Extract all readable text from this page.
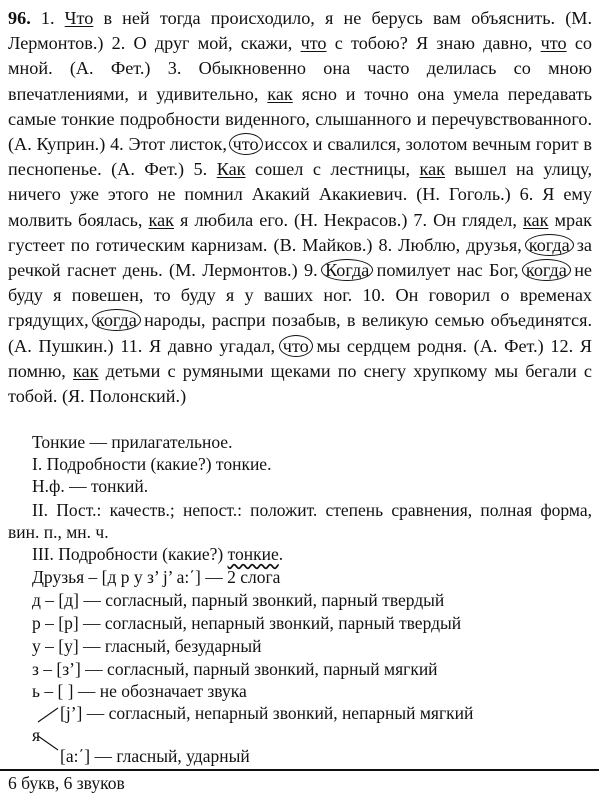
96. 1. Что в ней тогда происходило, я не берусь вам объяснить. (М. Лермонтов.) 2. О друг мой, скажи, что с тобою? Я знаю давно, что со мной. (А. Фет.) 3. Обыкновенно она часто делилась со мною впечатлениями, и удивительно, как ясно и точно она умела передавать самые тонкие подробности виденного, слышанного и перечувствованного. (А. Куприн.) 4. Этот листок, что иссох и свалился, золотом вечным горит в песнопенье. (А. Фет.) 5. Как сошел с лестницы, как вышел на улицу, ничего уже этого не помнил Акакий Акакиевич. (Н. Гоголь.) 6. Я ему молвить боялась, как я любила его. (Н. Некрасов.) 7. Он глядел, как мрак густеет по готическим карнизам. (В. Майков.) 8. Люблю, друзья, когда за речкой гаснет день. (М. Лермонтов.) 9. Когда помилует нас Бог, когда не буду я повешен, то буду я у ваших ног. 10. Он говорил о временах грядущих, когда народы, распри позабыв, в великую семью объединятся. (А. Пушкин.) 11. Я давно угадал, что мы сердцем родня. (А. Фет.) 12. Я помню, как детьми с румяными щеками по снегу хрупкому мы бегали с тобой. (Я. Полонский.)
Тонкие — прилагательное.
I. Подробности (какие?) тонкие.
Н.ф. — тонкий.
II. Пост.: качеств.; непост.: положит. степень сравнения, полная форма, вин. п., мн. ч.
III. Подробности (какие?) тонкие.
Друзья – [д р у з’ j’ а:΄] — 2 слога
д – [д] — согласный, парный звонкий, парный твердый
р – [р] — согласный, непарный звонкий, парный твердый
у – [у] — гласный, безударный
з – [з’] — согласный, парный звонкий, парный мягкий
ь – [ ] — не обозначает звука
[j’] — согласный, непарный звонкий, непарный мягкий
я
[а:΄] — гласный, ударный
6 букв, 6 звуков
